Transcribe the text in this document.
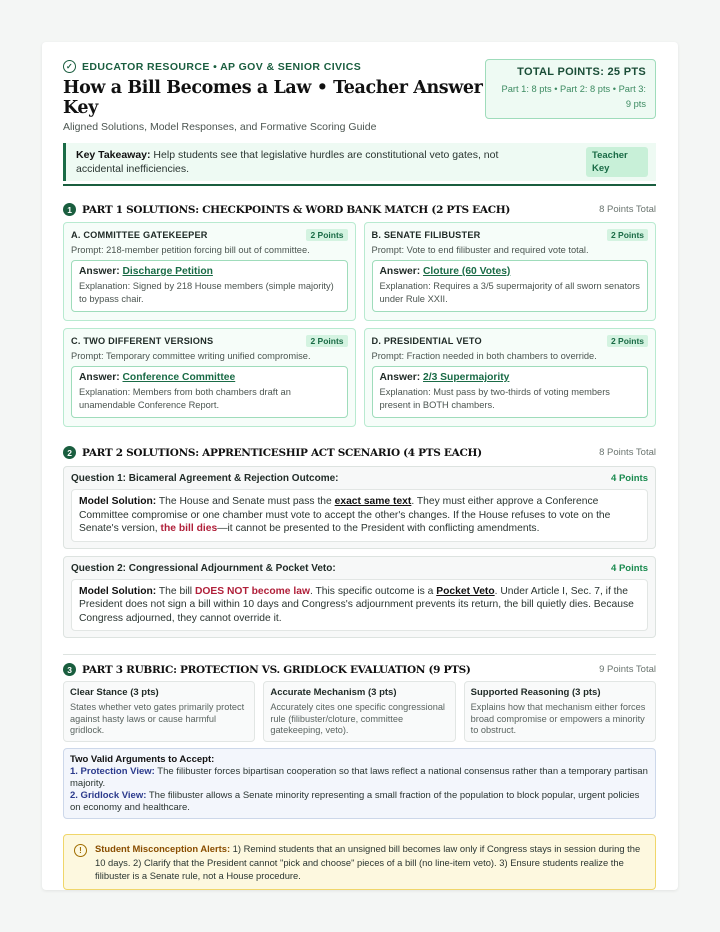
✓ EDUCATOR RESOURCE • AP GOV & SENIOR CIVICS
How a Bill Becomes a Law • Teacher Answer Key
Aligned Solutions, Model Responses, and Formative Scoring Guide
TOTAL POINTS: 25 PTS
Part 1: 8 pts • Part 2: 8 pts • Part 3: 9 pts
Key Takeaway: Help students see that legislative hurdles are constitutional veto gates, not accidental inefficiencies.
Teacher Key
1 PART 1 SOLUTIONS: CHECKPOINTS & WORD BANK MATCH (2 PTS EACH)	8 Points Total
A. COMMITTEE GATEKEEPER	2 Points
Prompt: 218-member petition forcing bill out of committee.
Answer: Discharge Petition
Explanation: Signed by 218 House members (simple majority) to bypass chair.
B. SENATE FILIBUSTER	2 Points
Prompt: Vote to end filibuster and required vote total.
Answer: Cloture (60 Votes)
Explanation: Requires a 3/5 supermajority of all sworn senators under Rule XXII.
C. TWO DIFFERENT VERSIONS	2 Points
Prompt: Temporary committee writing unified compromise.
Answer: Conference Committee
Explanation: Members from both chambers draft an unamendable Conference Report.
D. PRESIDENTIAL VETO	2 Points
Prompt: Fraction needed in both chambers to override.
Answer: 2/3 Supermajority
Explanation: Must pass by two-thirds of voting members present in BOTH chambers.
2 PART 2 SOLUTIONS: APPRENTICESHIP ACT SCENARIO (4 PTS EACH)	8 Points Total
Question 1: Bicameral Agreement & Rejection Outcome:	4 Points
Model Solution: The House and Senate must pass the exact same text. They must either approve a Conference Committee compromise or one chamber must vote to accept the other's changes. If the House refuses to vote on the Senate's version, the bill dies—it cannot be presented to the President with conflicting amendments.
Question 2: Congressional Adjournment & Pocket Veto:	4 Points
Model Solution: The bill DOES NOT become law. This specific outcome is a Pocket Veto. Under Article I, Sec. 7, if the President does not sign a bill within 10 days and Congress's adjournment prevents its return, the bill quietly dies. Because Congress adjourned, they cannot override it.
3 PART 3 RUBRIC: PROTECTION VS. GRIDLOCK EVALUATION (9 PTS)	9 Points Total
Clear Stance (3 pts)
States whether veto gates primarily protect against hasty laws or cause harmful gridlock.
Accurate Mechanism (3 pts)
Accurately cites one specific congressional rule (filibuster/cloture, committee gatekeeping, veto).
Supported Reasoning (3 pts)
Explains how that mechanism either forces broad compromise or empowers a minority to obstruct.
Two Valid Arguments to Accept:
1. Protection View: The filibuster forces bipartisan cooperation so that laws reflect a national consensus rather than a temporary partisan majority.
2. Gridlock View: The filibuster allows a Senate minority representing a small fraction of the population to block popular, urgent policies on economy and healthcare.
!	Student Misconception Alerts: 1) Remind students that an unsigned bill becomes law only if Congress stays in session during the 10 days. 2) Clarify that the President cannot "pick and choose" pieces of a bill (no line-item veto). 3) Ensure students realize the filibuster is a Senate rule, not a House procedure.
